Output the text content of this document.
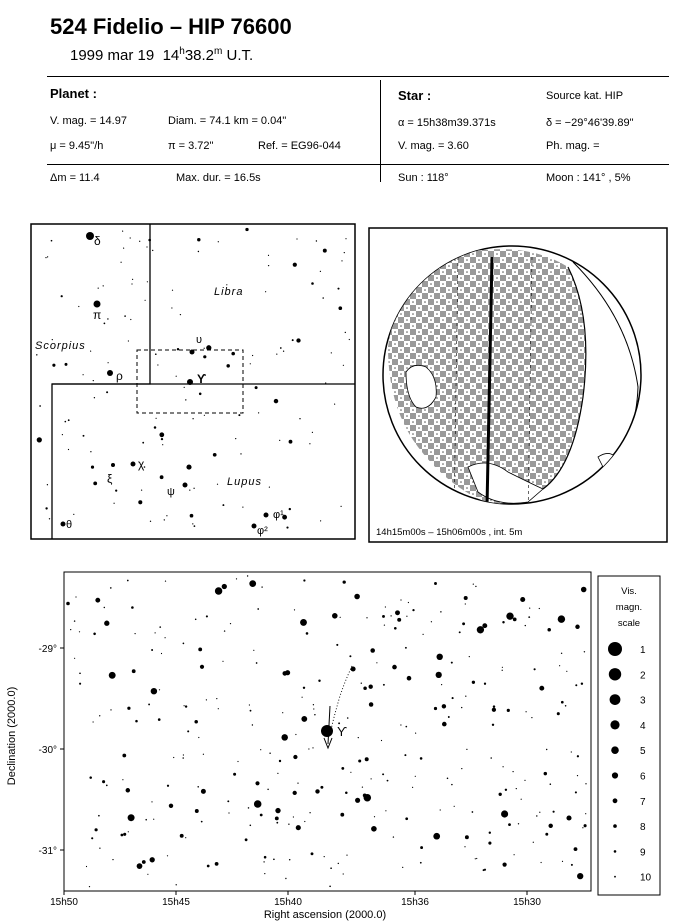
524 Fidelio – HIP 76600
1999 mar 19 14$^h$38.2$^m$ U.T.
Planet :
V. mag. = 14.97	Diam. = 74.1 km = 0.04"
μ = 9.45"/h	π = 3.72"	Ref. = EG96-044
Star :	Source kat. HIP
α = 15h38m39.371s	δ = −29°46'39.89"
V. mag. = 3.60	Ph. mag. =
Δm = 11.4	Max. dur. = 16.5s	Sun : 118°	Moon : 141° , 5%
Libra
Scorpius
Lupus
δ
π
υ
ϒ
ρ
χ
ξ
ψ
φ¹
φ²
θ
14h15m00s – 15h06m00s , int. 5m
ϒ
-29°
-30°
-31°
15h50	15h45	15h40	15h36	15h30
Right ascension (2000.0)
Declination (2000.0)
Vis.
magn.
scale
1
2
3
4
5
6
7
8
9
10
